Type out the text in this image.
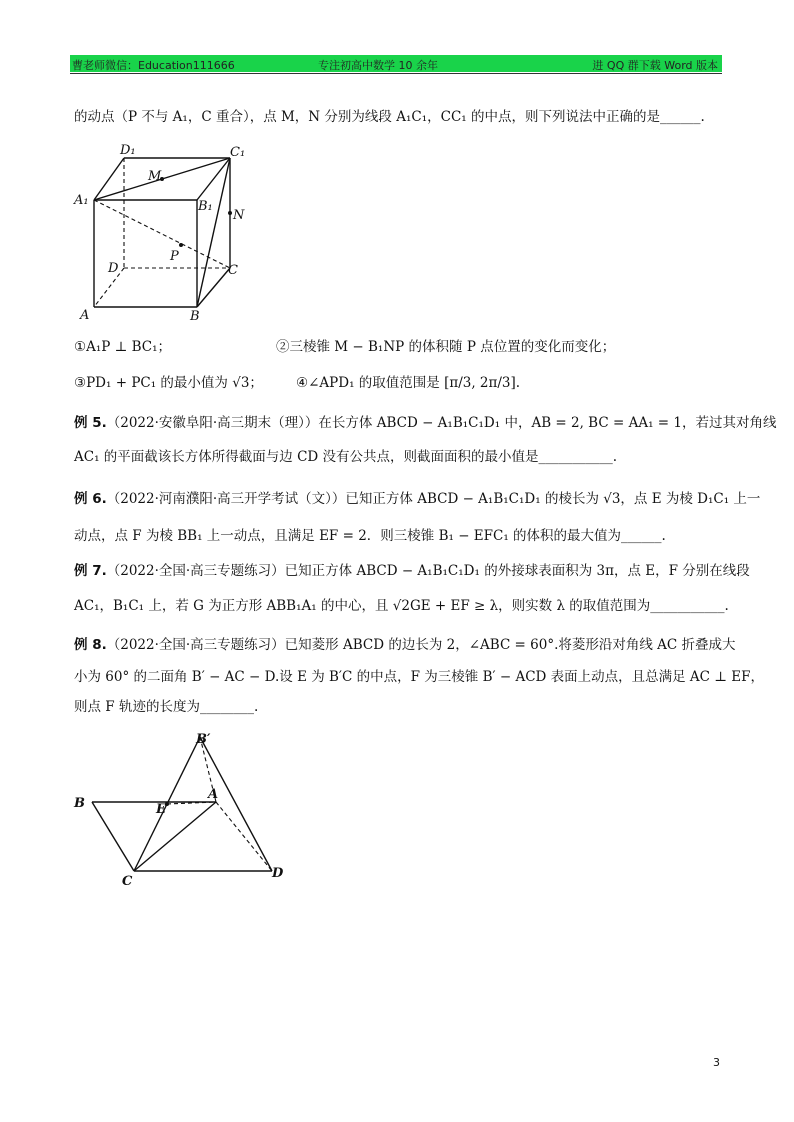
曹老师微信：Education111666	专注初高中数学 10 余年	进 QQ 群下载 Word 版本
的动点（P 不与 A₁，C 重合），点 M，N 分别为线段 A₁C₁，CC₁ 的中点，则下列说法中正确的是______.
D₁	C₁
A₁
M
B₁
N
P
D	C
A	B
①A₁P ⊥ BC₁；	②三棱锥 M − B₁NP 的体积随 P 点位置的变化而变化；
③PD₁ + PC₁ 的最小值为 √3； ④∠APD₁ 的取值范围是 [π/3, 2π/3].
例 5.（2022·安徽阜阳·高三期末（理））在长方体 ABCD − A₁B₁C₁D₁ 中，AB = 2, BC = AA₁ = 1，若过其对角线
AC₁ 的平面截该长方体所得截面与边 CD 没有公共点，则截面面积的最小值是___________.
例 6.（2022·河南濮阳·高三开学考试（文））已知正方体 ABCD − A₁B₁C₁D₁ 的棱长为 √3，点 E 为棱 D₁C₁ 上一
动点，点 F 为棱 BB₁ 上一动点，且满足 EF = 2．则三棱锥 B₁ − EFC₁ 的体积的最大值为______.
例 7.（2022·全国·高三专题练习）已知正方体 ABCD − A₁B₁C₁D₁ 的外接球表面积为 3π，点 E，F 分别在线段
AC₁，B₁C₁ 上，若 G 为正方形 ABB₁A₁ 的中心，且 √2GE + EF ≥ λ，则实数 λ 的取值范围为___________.
例 8.（2022·全国·高三专题练习）已知菱形 ABCD 的边长为 2，∠ABC = 60°.将菱形沿对角线 AC 折叠成大
小为 60° 的二面角 B′ − AC − D.设 E 为 B′C 的中点，F 为三棱锥 B′ − ACD 表面上动点，且总满足 AC ⊥ EF，
则点 F 轨迹的长度为________.
B′
B	E
A
C
D
3
